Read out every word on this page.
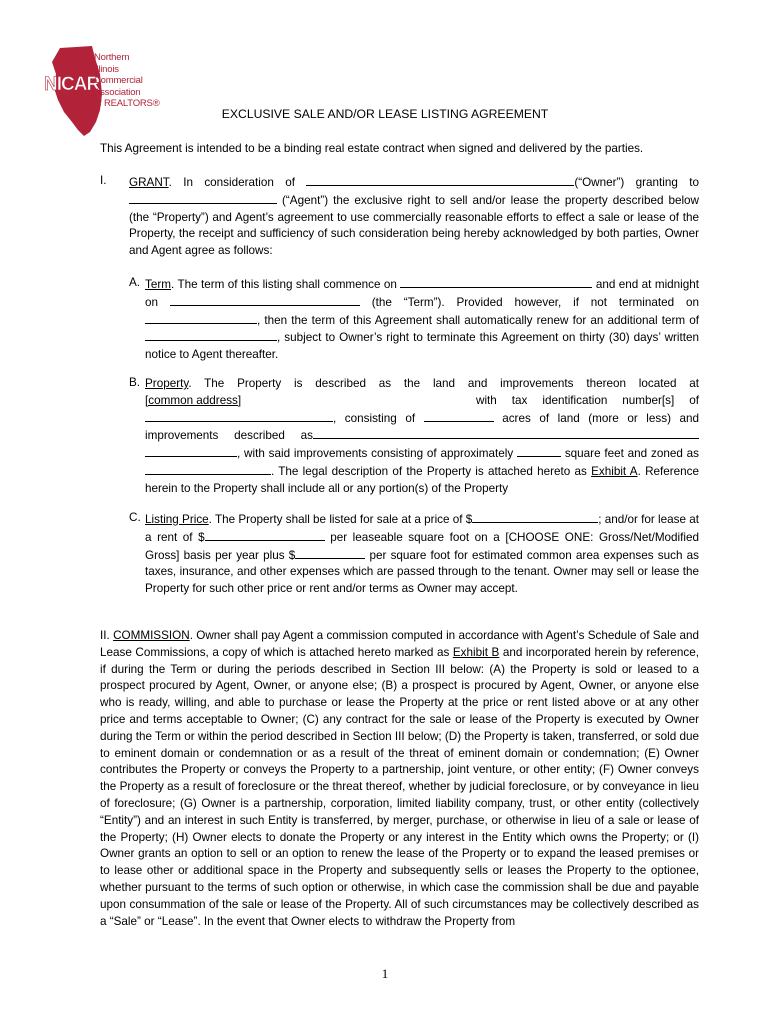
NICAR
Northern
Illinois
Commercial
Association
of REALTORS®
EXCLUSIVE SALE AND/OR LEASE LISTING AGREEMENT

This Agreement is intended to be a binding real estate contract when signed and delivered by the parties.

I. GRANT. In consideration of	(“Owner”) granting to  (“Agent”) the exclusive right to sell and/or lease the property described below (the “Property”) and Agent’s agreement to use commercially reasonable efforts to effect a sale or lease of the Property, the receipt and sufficiency of such consideration being hereby acknowledged by both parties, Owner and Agent agree as follows:

A. Term. The term of this listing shall commence on	and end at midnight on	(the “Term”). Provided however, if not terminated on , then the term of this Agreement shall automatically renew for an additional term of , subject to Owner’s right to terminate this Agreement on thirty (30) days’ written notice to Agent thereafter.

B. Property. The Property is described as the land and improvements thereon located at [common address]	with tax identification number[s] of , consisting of	acres of land (more or less) and improvements described as , with said improvements consisting of approximately	square feet and zoned as . The legal description of the Property is attached hereto as Exhibit A. Reference herein to the Property shall include all or any portion(s) of the Property

C. Listing Price. The Property shall be listed for sale at a price of $	; and/or for lease at a rent of $	per leaseable square foot on a [CHOOSE ONE: Gross/Net/Modified Gross] basis per year plus $	per square foot for estimated common area expenses such as taxes, insurance, and other expenses which are passed through to the tenant. Owner may sell or lease the Property for such other price or rent and/or terms as Owner may accept.

II. COMMISSION. Owner shall pay Agent a commission computed in accordance with Agent’s Schedule of Sale and Lease Commissions, a copy of which is attached hereto marked as Exhibit B and incorporated herein by reference, if during the Term or during the periods described in Section III below: (A) the Property is sold or leased to a prospect procured by Agent, Owner, or anyone else; (B) a prospect is procured by Agent, Owner, or anyone else who is ready, willing, and able to purchase or lease the Property at the price or rent listed above or at any other price and terms acceptable to Owner; (C) any contract for the sale or lease of the Property is executed by Owner during the Term or within the period described in Section III below; (D) the Property is taken, transferred, or sold due to eminent domain or condemnation or as a result of the threat of eminent domain or condemnation; (E) Owner contributes the Property or conveys the Property to a partnership, joint venture, or other entity; (F) Owner conveys the Property as a result of foreclosure or the threat thereof, whether by judicial foreclosure, or by conveyance in lieu of foreclosure; (G) Owner is a partnership, corporation, limited liability company, trust, or other entity (collectively “Entity”) and an interest in such Entity is transferred, by merger, purchase, or otherwise in lieu of a sale or lease of the Property; (H) Owner elects to donate the Property or any interest in the Entity which owns the Property; or (I) Owner grants an option to sell or an option to renew the lease of the Property or to expand the leased premises or to lease other or additional space in the Property and subsequently sells or leases the Property to the optionee, whether pursuant to the terms of such option or otherwise, in which case the commission shall be due and payable upon consummation of the sale or lease of the Property. All of such circumstances may be collectively described as a “Sale” or “Lease”. In the event that Owner elects to withdraw the Property from

1
